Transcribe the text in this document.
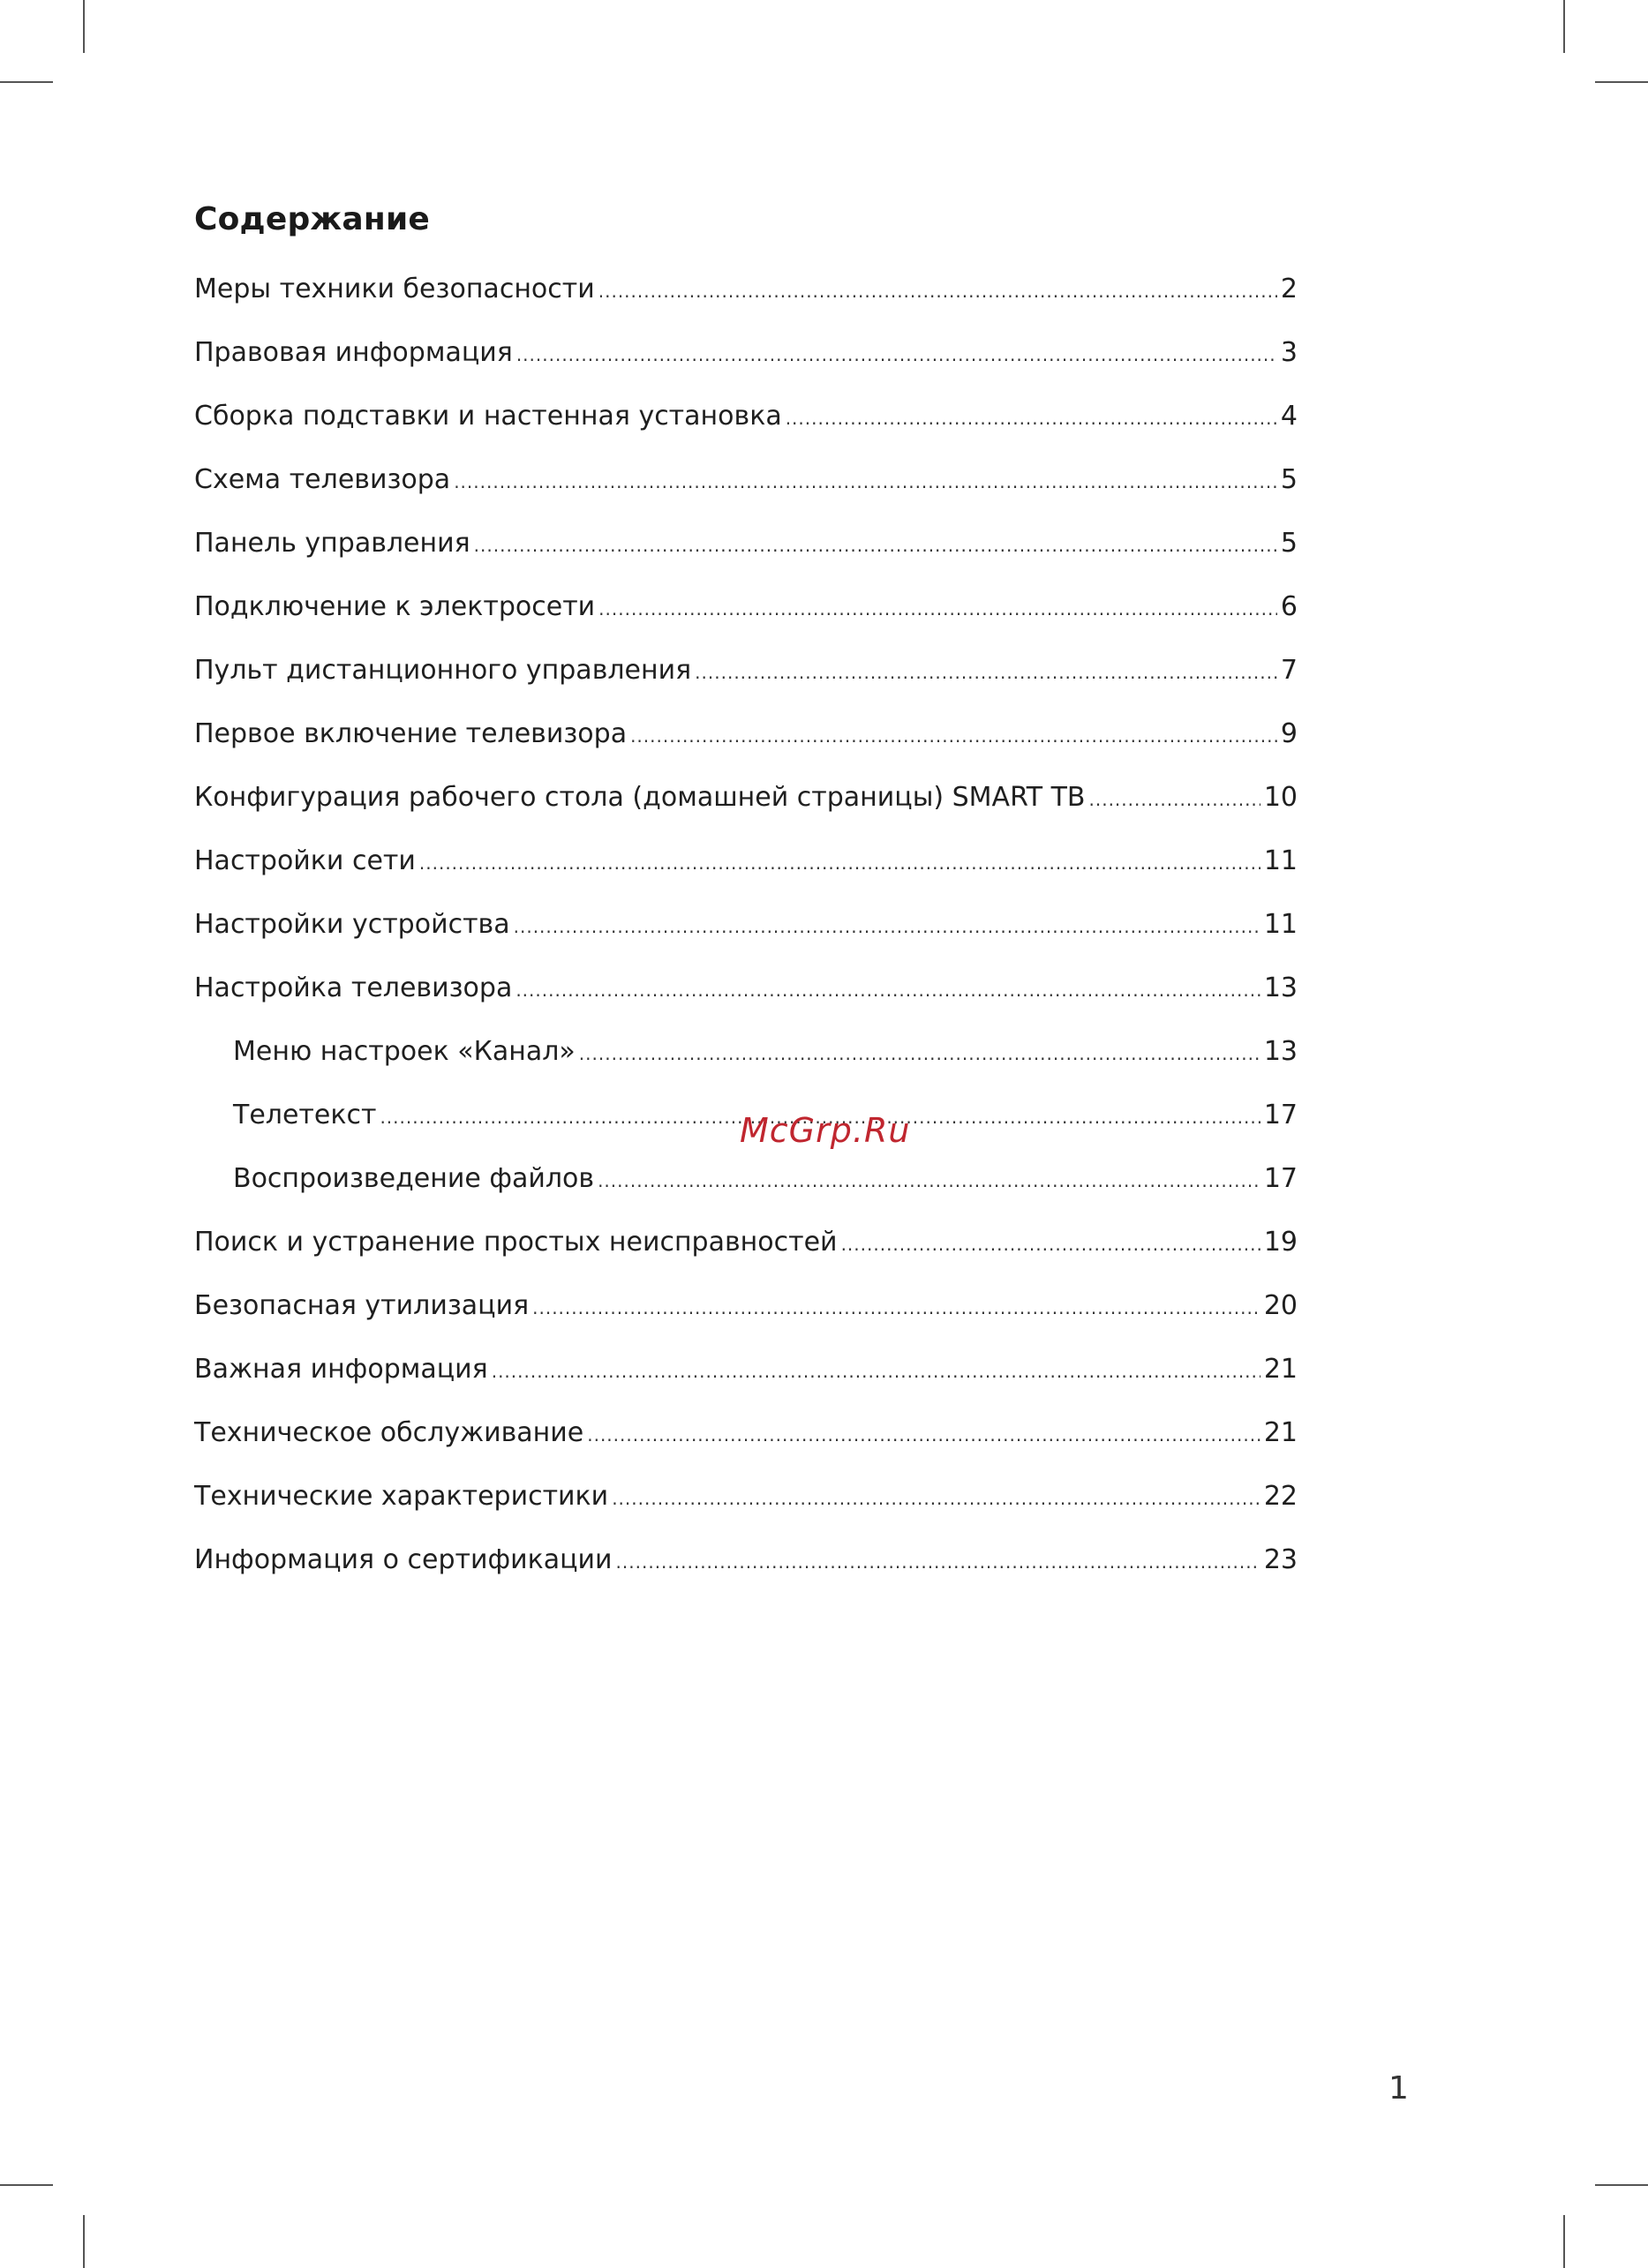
Содержание
Меры техники безопасности .....	2
Правовая информация .....	3
Сборка подставки и настенная установка .....	4
Схема телевизора .....	5
Панель управления .....	5
Подключение к электросети .....	6
Пульт дистанционного управления .....	7
Первое включение телевизора .....	9
Конфигурация рабочего стола (домашней страницы) SMART ТВ .....	10
Настройки сети .....	11
Настройки устройства .....	11
Настройка телевизора .....	13
Меню настроек «Канал» .....	13
Телетекст .....	17
Воспроизведение файлов .....	17
Поиск и устранение простых неисправностей .....	19
Безопасная утилизация .....	20
Важная информация .....	21
Техническое обслуживание .....	21
Технические характеристики .....	22
Информация о сертификации .....	23
McGrp.Ru
1
